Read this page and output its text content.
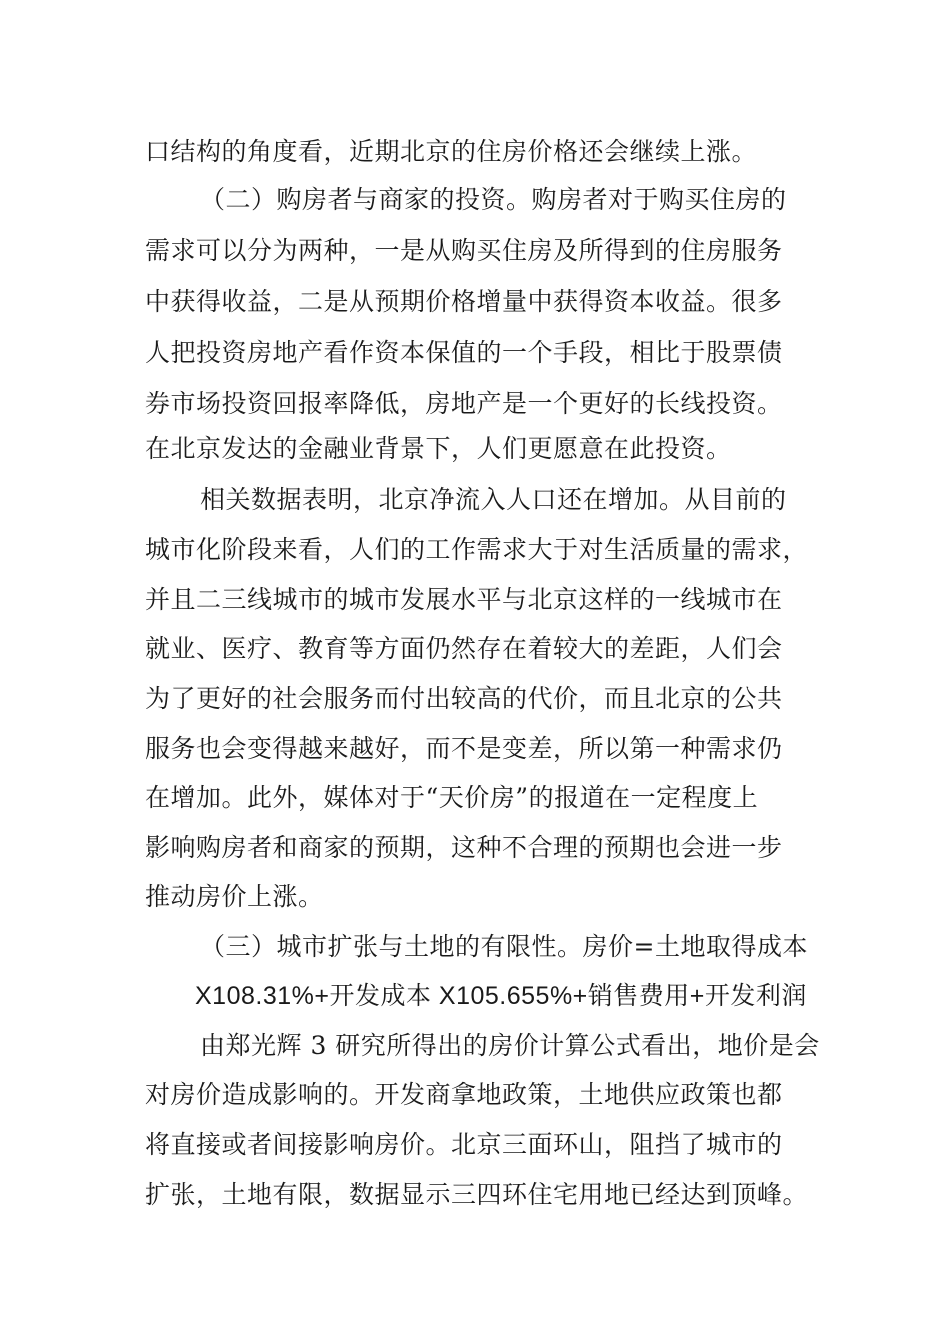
口结构的角度看，近期北京的住房价格还会继续上涨。
（二）购房者与商家的投资。购房者对于购买住房的
需求可以分为两种，一是从购买住房及所得到的住房服务
中获得收益，二是从预期价格增量中获得资本收益。很多
人把投资房地产看作资本保值的一个手段，相比于股票债
券市场投资回报率降低，房地产是一个更好的长线投资。
在北京发达的金融业背景下，人们更愿意在此投资。
相关数据表明，北京净流入人口还在增加。从目前的
城市化阶段来看，人们的工作需求大于对生活质量的需求，
并且二三线城市的城市发展水平与北京这样的一线城市在
就业、医疗、教育等方面仍然存在着较大的差距，人们会
为了更好的社会服务而付出较高的代价，而且北京的公共
服务也会变得越来越好，而不是变差，所以第一种需求仍
在增加。此外，媒体对于“天价房”的报道在一定程度上
影响购房者和商家的预期，这种不合理的预期也会进一步
推动房价上涨。
（三）城市扩张与土地的有限性。房价=土地取得成本
X108.31%+开发成本 X105.655%+销售费用+开发利润
由郑光辉 3 研究所得出的房价计算公式看出，地价是会
对房价造成影响的。开发商拿地政策，土地供应政策也都
将直接或者间接影响房价。北京三面环山，阻挡了城市的
扩张，土地有限，数据显示三四环住宅用地已经达到顶峰。
